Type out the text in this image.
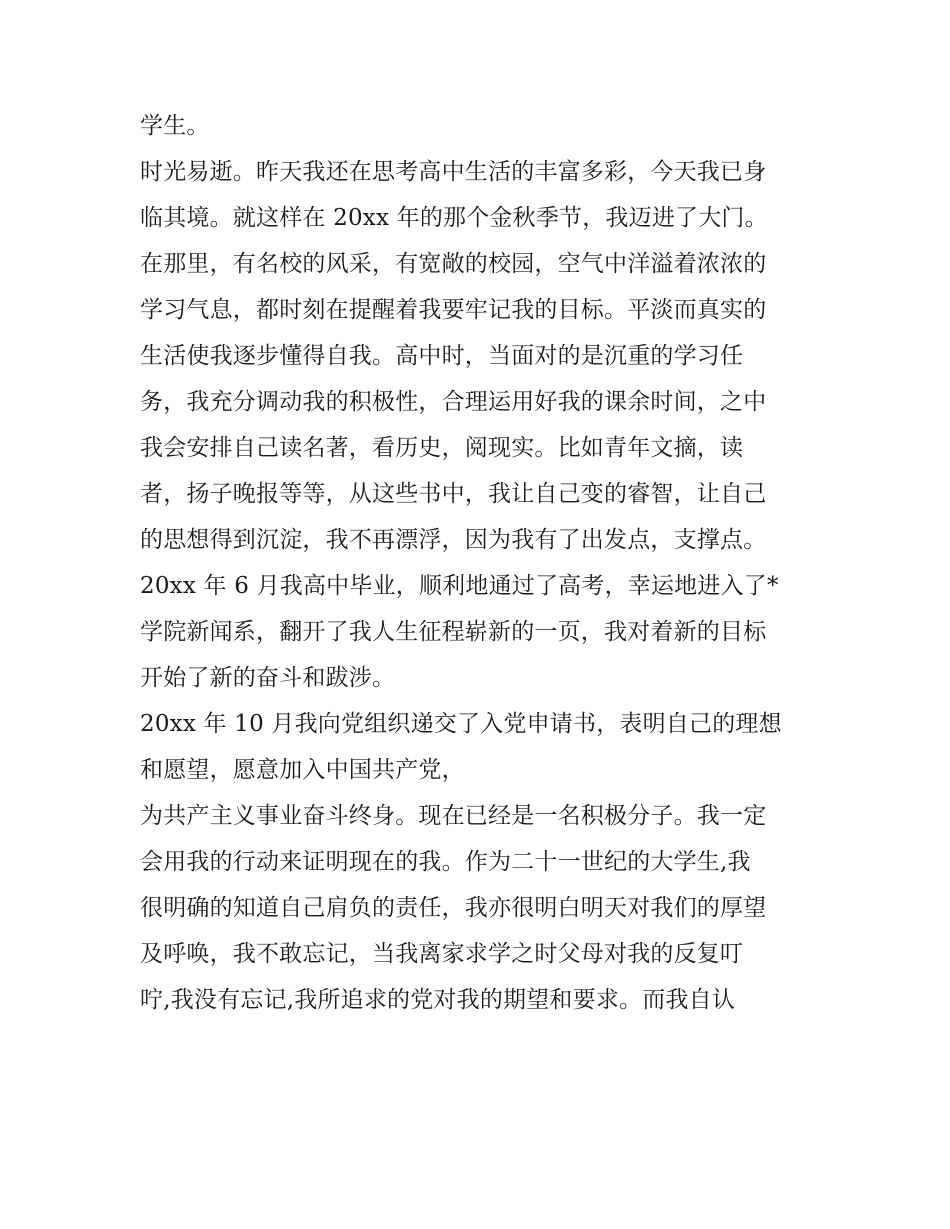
学生。
时光易逝。昨天我还在思考高中生活的丰富多彩，今天我已身
临其境。就这样在 20xx 年的那个金秋季节，我迈进了大门。
在那里，有名校的风采，有宽敞的校园，空气中洋溢着浓浓的
学习气息，都时刻在提醒着我要牢记我的目标。平淡而真实的
生活使我逐步懂得自我。高中时，当面对的是沉重的学习任
务，我充分调动我的积极性，合理运用好我的课余时间，之中
我会安排自己读名著，看历史，阅现实。比如青年文摘，读
者，扬子晚报等等，从这些书中，我让自己变的睿智，让自己
的思想得到沉淀，我不再漂浮，因为我有了出发点，支撑点。
20xx 年 6 月我高中毕业，顺利地通过了高考，幸运地进入了*
学院新闻系，翻开了我人生征程崭新的一页，我对着新的目标
开始了新的奋斗和跋涉。
20xx 年 10 月我向党组织递交了入党申请书，表明自己的理想
和愿望，愿意加入中国共产党，
为共产主义事业奋斗终身。现在已经是一名积极分子。我一定
会用我的行动来证明现在的我。作为二十一世纪的大学生,我
很明确的知道自己肩负的责任，我亦很明白明天对我们的厚望
及呼唤，我不敢忘记，当我离家求学之时父母对我的反复叮
咛,我没有忘记,我所追求的党对我的期望和要求。而我自认
